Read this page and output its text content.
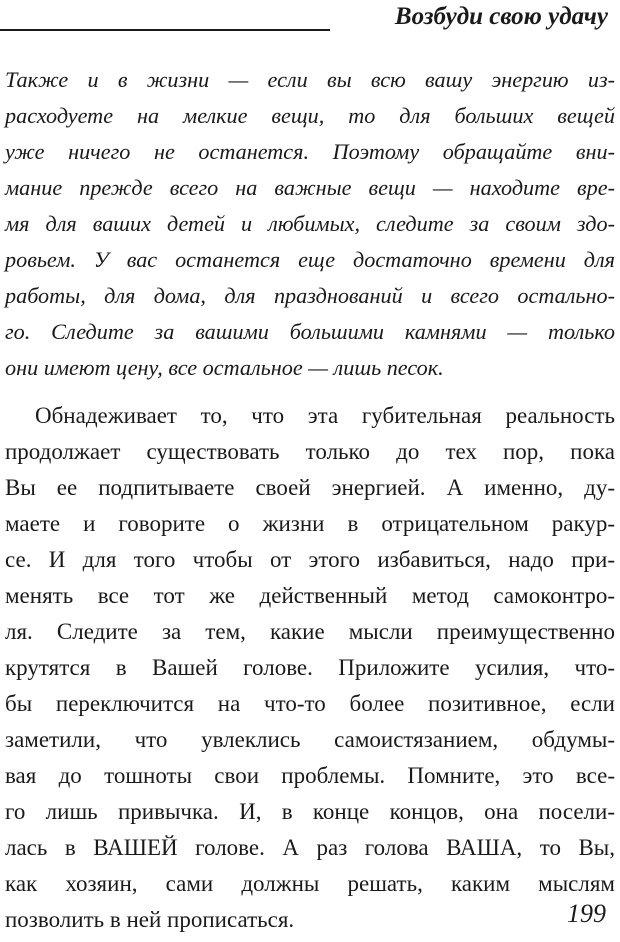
Возбуди свою удачу
Также и в жизни — если вы всю вашу энергию из-
расходуете на мелкие вещи, то для больших вещей
уже ничего не останется. Поэтому обращайте вни-
мание прежде всего на важные вещи — находите вре-
мя для ваших детей и любимых, следите за своим здо-
ровьем. У вас останется еще достаточно времени для
работы, для дома, для празднований и всего остально-
го. Следите за вашими большими камнями — только
они имеют цену, все остальное — лишь песок.
Обнадеживает то, что эта губительная реальность
продолжает существовать только до тех пор, пока
Вы ее подпитываете своей энергией. А именно, ду-
маете и говорите о жизни в отрицательном ракур-
се. И для того чтобы от этого избавиться, надо при-
менять все тот же действенный метод самоконтро-
ля. Следите за тем, какие мысли преимущественно
крутятся в Вашей голове. Приложите усилия, что-
бы переключится на что-то более позитивное, если
заметили, что увлеклись самоистязанием, обдумы-
вая до тошноты свои проблемы. Помните, это все-
го лишь привычка. И, в конце концов, она посели-
лась в ВАШЕЙ голове. А раз голова ВАША, то Вы,
как хозяин, сами должны решать, каким мыслям
позволить в ней прописаться.	199
